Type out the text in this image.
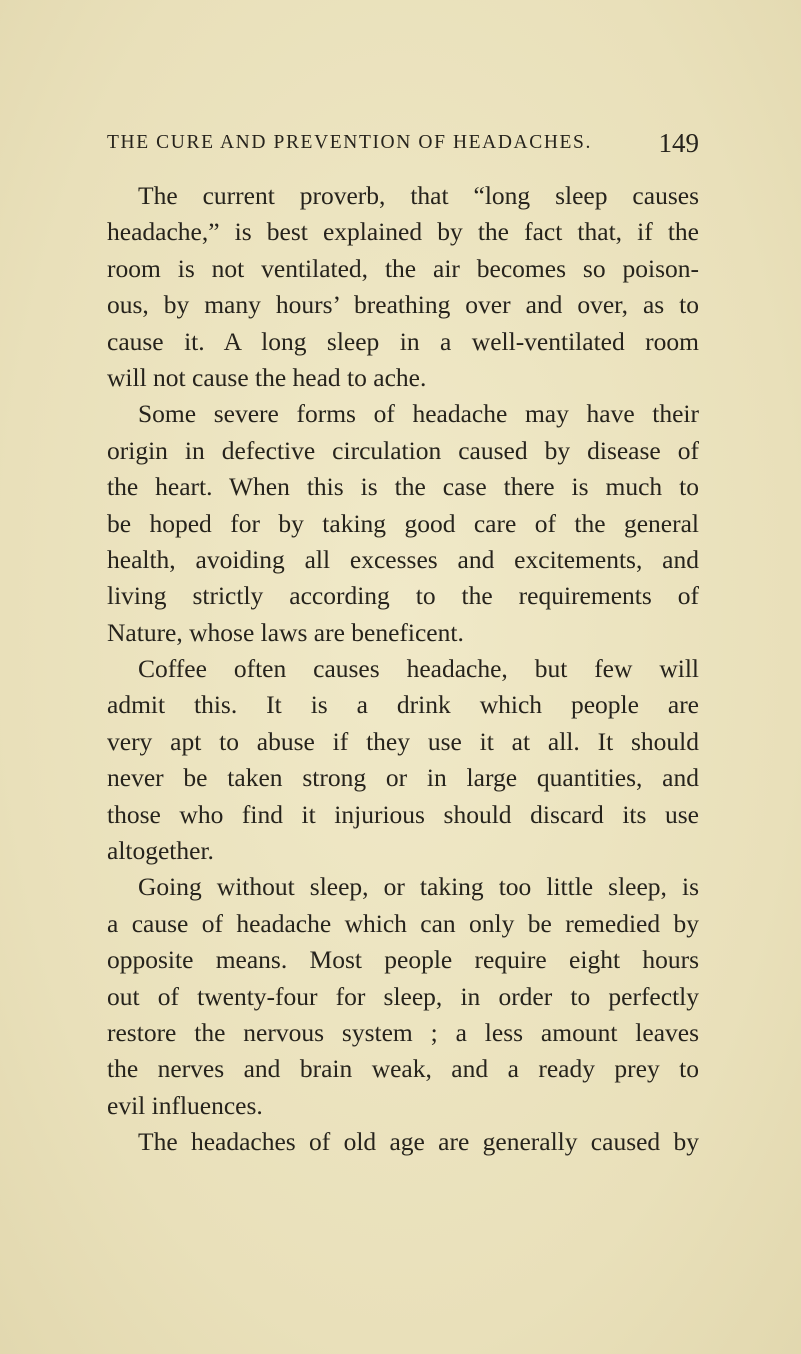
THE CURE AND PREVENTION OF HEADACHES. 149
The current proverb, that “long sleep causes
headache,” is best explained by the fact that, if the
room is not ventilated, the air becomes so poison-
ous, by many hours’ breathing over and over, as to
cause it. A long sleep in a well-ventilated room
will not cause the head to ache.
Some severe forms of headache may have their
origin in defective circulation caused by disease of
the heart. When this is the case there is much to
be hoped for by taking good care of the general
health, avoiding all excesses and excitements, and
living strictly according to the requirements of
Nature, whose laws are beneficent.
Coffee often causes headache, but few will
admit this. It is a drink which people are
very apt to abuse if they use it at all. It should
never be taken strong or in large quantities, and
those who find it injurious should discard its use
altogether.
Going without sleep, or taking too little sleep, is
a cause of headache which can only be remedied by
opposite means. Most people require eight hours
out of twenty-four for sleep, in order to perfectly
restore the nervous system ; a less amount leaves
the nerves and brain weak, and a ready prey to
evil influences.
The headaches of old age are generally caused by
